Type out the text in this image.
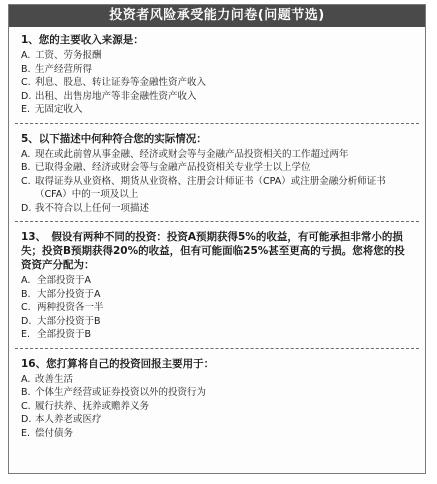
投资者风险承受能力问卷(问题节选)
1、您的主要收入来源是：
A. 工资、劳务报酬
B. 生产经营所得
C. 利息、股息、转让证券等金融性资产收入
D. 出租、出售房地产等非金融性资产收入
E. 无固定收入
5、以下描述中何种符合您的实际情况：
A. 现在或此前曾从事金融、经济或财会等与金融产品投资相关的工作超过两年
B. 已取得金融、经济或财会等与金融产品投资相关专业学士以上学位
C. 取得证券从业资格、期货从业资格、注册会计师证书（CPA）或注册金融分析师证书（CFA）中的一项及以上
D. 我不符合以上任何一项描述
13、　假设有两种不同的投资：投资A预期获得5%的收益，有可能承担非常小的损失；投资B预期获得20%的收益，但有可能面临25%甚至更高的亏损。您将您的投资资产分配为：
A. 全部投资于A
B. 大部分投资于A
C. 两种投资各一半
D. 大部分投资于B
E. 全部投资于B
16、您打算将自己的投资回报主要用于：
A. 改善生活
B. 个体生产经营或证券投资以外的投资行为
C. 履行扶养、抚养或赡养义务
D. 本人养老或医疗
E. 偿付债务
